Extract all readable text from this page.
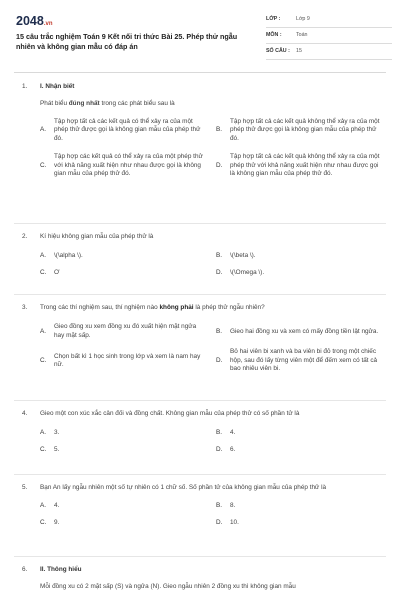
2048.vn
15 câu trắc nghiệm Toán 9 Kết nối tri thức Bài 25. Phép thử ngẫu nhiên và không gian mẫu có đáp án
LỚP :	Lớp 9
MÔN :	Toán
SỐ CÂU :	15
1.	I. Nhận biết
Phát biểu đúng nhất trong các phát biểu sau là
A.
Tập hợp tất cả các kết quả có thể xảy ra của một phép thử được gọi là không gian mẫu của phép thử đó.
B.
Tập hợp tất cả các kết quả không thể xảy ra của một phép thử được gọi là không gian mẫu của phép thử đó.
C.
Tập hợp các kết quả có thể xảy ra của một phép thử với khả năng xuất hiện như nhau được gọi là không gian mẫu của phép thử đó.
D.
Tập hợp tất cả các kết quả không thể xảy ra của một phép thử với khả năng xuất hiện như nhau được gọi là không gian mẫu của phép thử đó.
2.	Kí hiệu không gian mẫu của phép thử là
A.	\(\alpha \).	B.	\(\beta \).
C.	Ơ	D.	\(\Omega \).
3.	Trong các thí nghiệm sau, thí nghiệm nào không phải là phép thử ngẫu nhiên?
A.
Gieo đồng xu xem đồng xu đó xuất hiện mặt ngửa hay mặt sấp.
B.	Gieo hai đồng xu và xem có mấy đồng tiền lật ngửa.
C.
Chọn bất kì 1 học sinh trong lớp và xem là nam hay nữ.
D.
Bỏ hai viên bi xanh và ba viên bi đỏ trong một chiếc hộp, sau đó lấy từng viên một để đếm xem có tất cả bao nhiêu viên bi.
4.	Gieo một con xúc xắc cân đối và đồng chất. Không gian mẫu của phép thử có số phần tử là
A.	3.	B.	4.
C.	5.	D.	6.
5.	Bạn An lấy ngẫu nhiên một số tự nhiên có 1 chữ số. Số phần tử của không gian mẫu của phép thử là
A.	4.	B.	8.
C.	9.	D.	10.
6.	II. Thông hiểu
Mỗi đồng xu có 2 mặt sấp (S) và ngửa (N). Gieo ngẫu nhiên 2 đồng xu thì không gian mẫu
